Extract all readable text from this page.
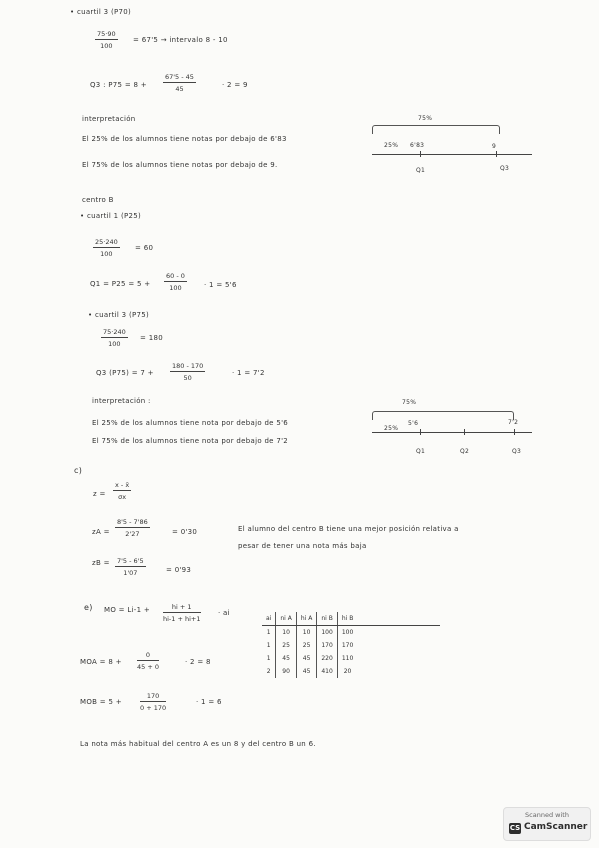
• cuartil 3 (P70)
$\frac{75\cdot 90}{100} = 67'5$ → intervalo 8 - 10
Q3 : $P75 = 8 + \frac{67'5 - 45}{45}$	· 2 = 9
interpretación
El 25% de los alumnos tiene notas por debajo de 6'83
El 75% de los alumnos tiene notas por debajo de 9.
75%
25% 6'83	9
Q1	Q3
centro B
• cuartil 1 (P25)
$\frac{25\cdot 240}{100} = 60$
$Q1 = P25 = 5 + \frac{60 - 0}{100} \cdot 1 = 5'6$
• cuartil 3 (P75)
$\frac{75\cdot 240}{100} = 180$
Q3 $(P75) = 7 + \frac{180 - 170}{50}$	· 1 = 7'2
interpretación :
El 25% de los alumnos tiene nota por debajo de 5'6
El 75% de los alumnos tiene nota por debajo de 7'2
75%
25%
5'6	7'2
Q1	Q2	Q3
c)
$z = \frac{x - x̄}{\sigma x}$
zA = $\frac{8'5 - 7'86}{2'27}$	= 0'30
zB = $\frac{7'5 - 6'5}{1'07}$	= 0'93
El alumno del centro B tiene una mejor posición relativa a
pesar de tener una nota más baja
e) MO = $Li-1 + \frac{hi + 1}{hi-1 + hi+1}$	· ai
MOA = $8 + \frac{0}{45 + 0}$	· 2 = 8
MOB = 5 +	$\frac{170}{0 + 170}$	· 1 = 6
ai	ni A	hi A	ni B	hi B
1	10	10	100	100
1	25	25	170	170
1	45	45	220	110
2	90	45	410	20
La nota más habitual del centro A es un 8 y del centro B un 6.
Scanned with
CS CamScanner
